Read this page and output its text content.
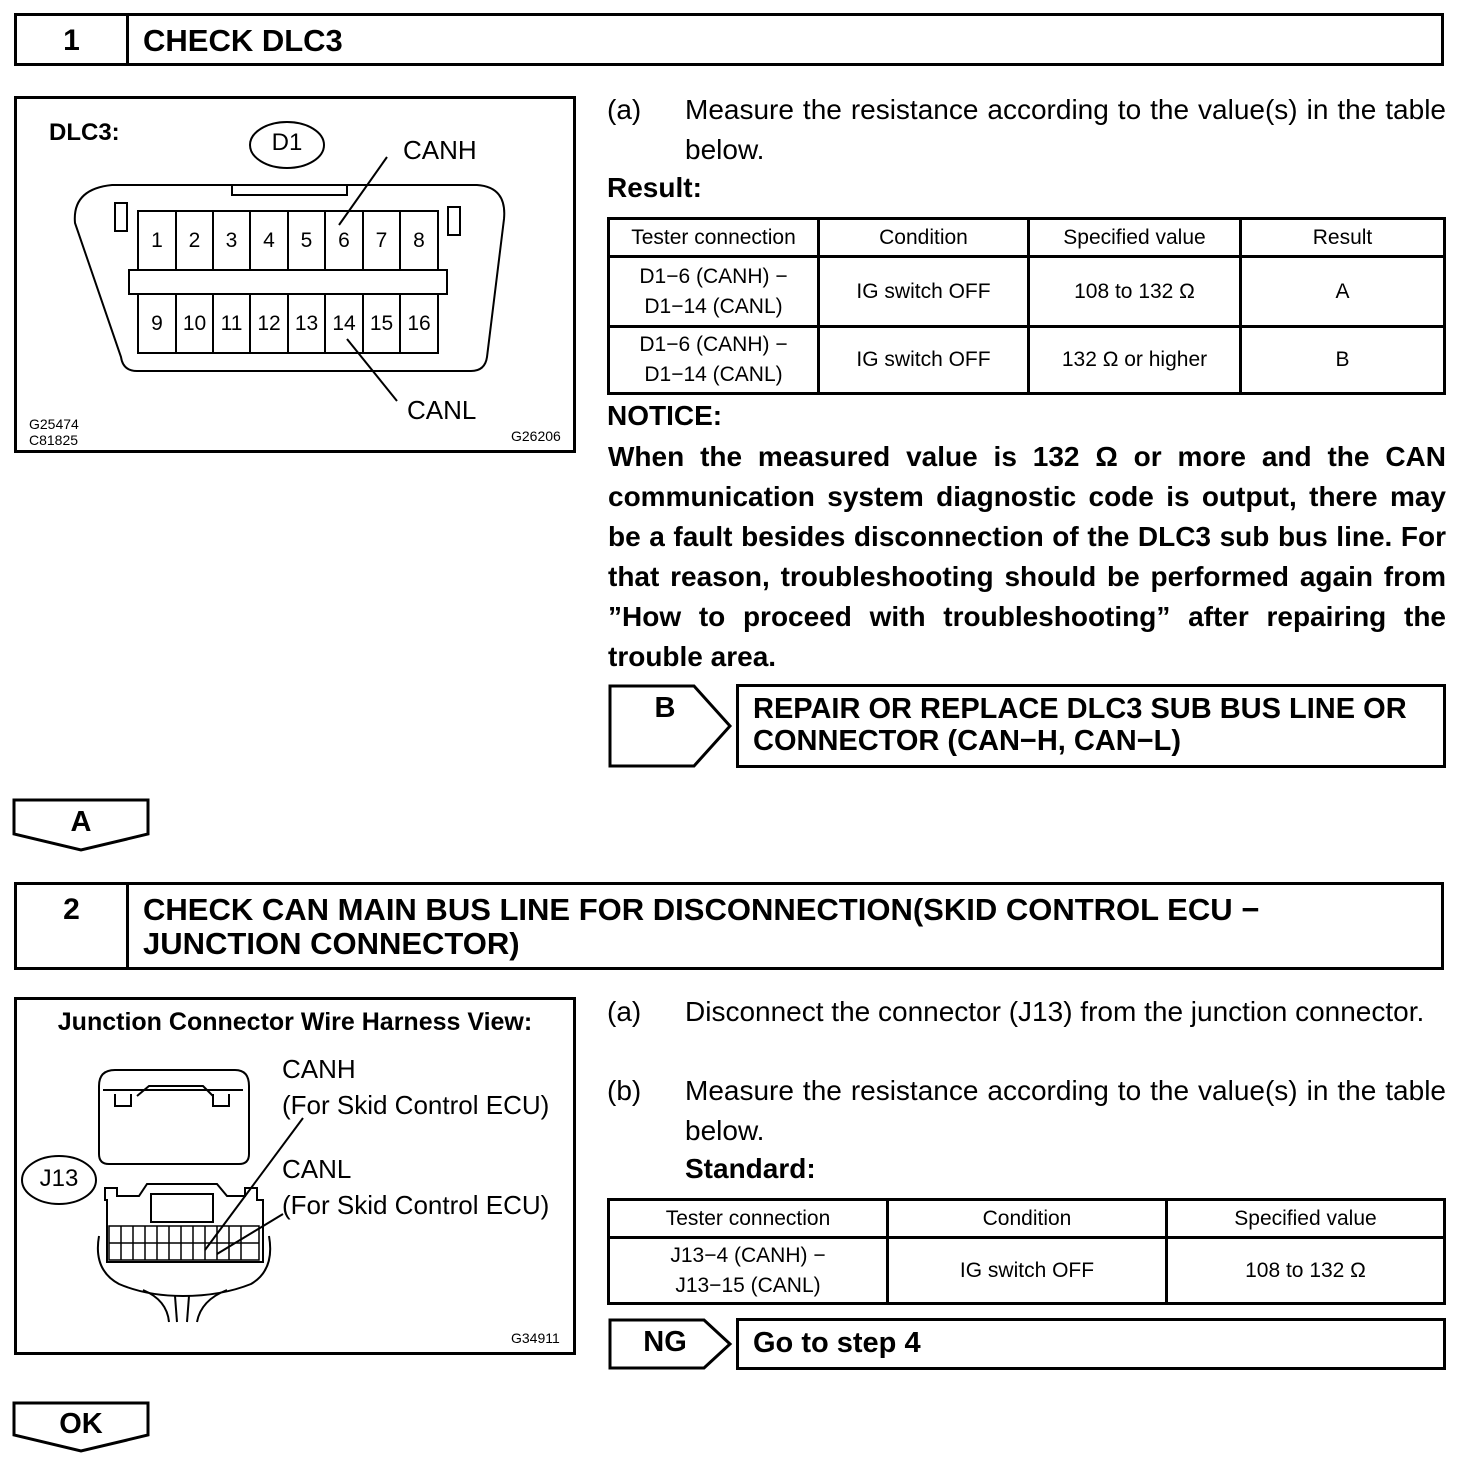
1	CHECK DLC3
DLC3:	D1	CANH
CANL
1	2	3	4	5	6	7	8
9 10 11 12 13 14 15 16
G25474
C81825	G26206
(a) Measure the resistance according to the value(s) in the table below.
Result:
Tester connection	Condition	Specified value	Result

D1−6 (CANH) −
D1−14 (CANL)	IG switch OFF	108 to 132 Ω	A

D1−6 (CANH) −
D1−14 (CANL)	IG switch OFF	132 Ω or higher	B
NOTICE:
When the measured value is 132 Ω or more and the CAN communication system diagnostic code is output, there may be a fault besides disconnection of the DLC3 sub bus line. For that reason, troubleshooting should be performed again from ”How to proceed with troubleshooting” after repairing the trouble area.
B	REPAIR OR REPLACE DLC3 SUB BUS LINE OR
CONNECTOR (CAN−H, CAN−L)
A
2	CHECK CAN MAIN BUS LINE FOR DISCONNECTION(SKID CONTROL ECU −
JUNCTION CONNECTOR)
Junction Connector Wire Harness View:
J13
CANH
(For Skid Control ECU)
CANL
(For Skid Control ECU)
G34911
(a) Disconnect the connector (J13) from the junction connector.
(b) Measure the resistance according to the value(s) in the table below.
Standard:
Tester connection	Condition	Specified value

J13−4 (CANH) −
J13−15 (CANL)	IG switch OFF	108 to 132 Ω
NG	Go to step 4
OK
